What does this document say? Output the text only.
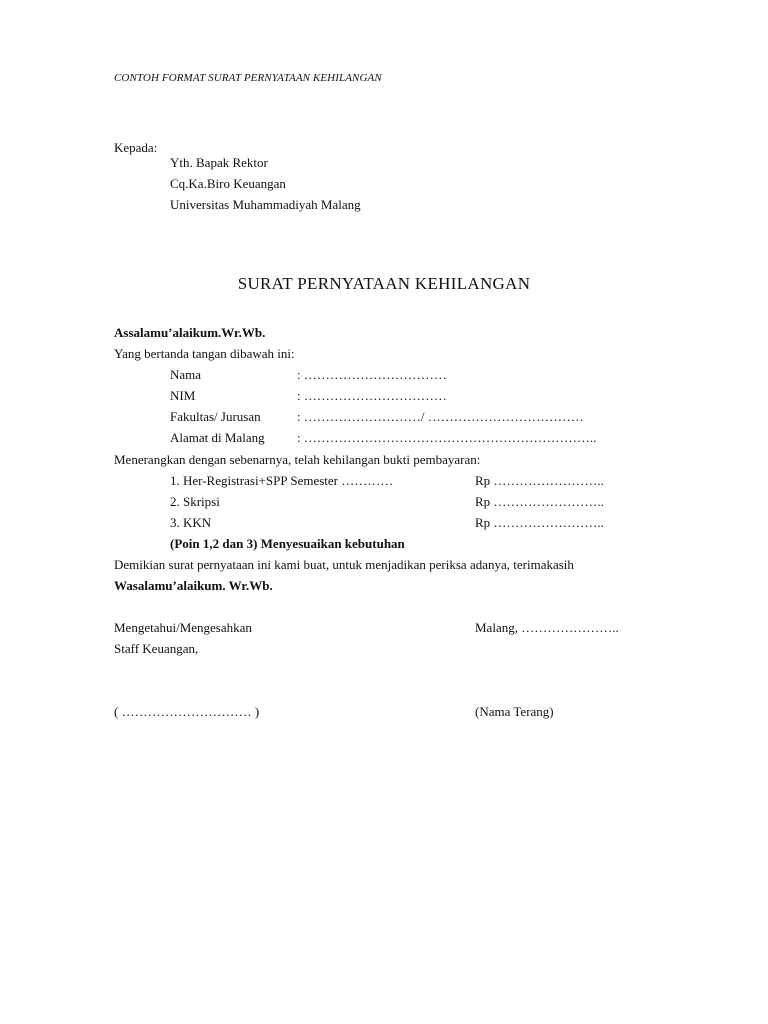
CONTOH FORMAT SURAT PERNYATAAN KEHILANGAN
Kepada:
Yth. Bapak Rektor
Cq.Ka.Biro Keuangan
Universitas Muhammadiyah Malang
SURAT PERNYATAAN KEHILANGAN
Assalamu’alaikum.Wr.Wb.
Yang bertanda tangan dibawah ini:
Nama	: ……………………………
NIM	: ……………………………
Fakultas/ Jurusan	: ………………………/ ………………………………
Alamat di Malang : …………………………………………………………..
Menerangkan dengan sebenarnya, telah kehilangan bukti pembayaran:
1. Her-Registrasi+SPP Semester …………	Rp ……………………..
2. Skripsi	Rp ……………………..
3. KKN	Rp ……………………..
(Poin 1,2 dan 3) Menyesuaikan kebutuhan
Demikian surat pernyataan ini kami buat, untuk menjadikan periksa adanya, terimakasih
Wasalamu’alaikum. Wr.Wb.
Mengetahui/Mengesahkan	Malang, …………………..
Staff Keuangan,
( ………………………… )	(Nama Terang)
